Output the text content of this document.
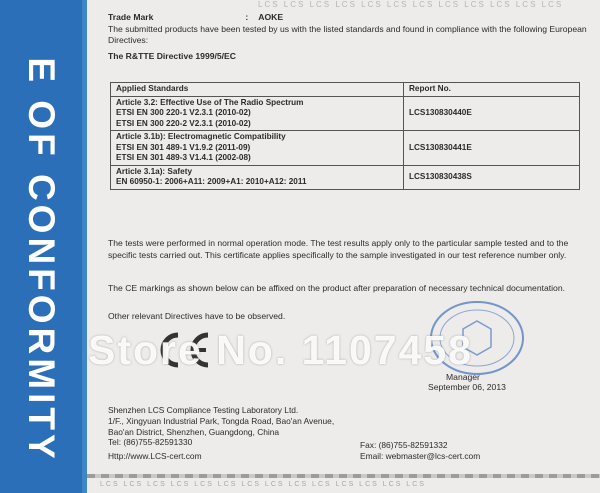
E OF CONFORMITY
LCS LCS LCS LCS LCS LCS LCS LCS LCS LCS LCS LCS
Trade Mark	: AOKE

The submitted products have been tested by us with the listed standards and found in compliance with the following European Directives:

The R&TTE Directive 1999/5/EC
Applied Standards	Report No.

Article 3.2: Effective Use of The Radio Spectrum
ETSI EN 300 220-1 V2.3.1 (2010-02)
ETSI EN 300 220-2 V2.3.1 (2010-02)	LCS130830440E

Article 3.1b): Electromagnetic Compatibility
ETSI EN 301 489-1 V1.9.2 (2011-09)
ETSI EN 301 489-3 V1.4.1 (2002-08)	LCS130830441E

Article 3.1a): Safety
EN 60950-1: 2006+A11: 2009+A1: 2010+A12: 2011	LCS130830438S
The tests were performed in normal operation mode. The test results apply only to the particular sample tested and to the specific tests carried out. This certificate applies specifically to the sample investigated in our test reference number only.
The CE markings as shown below can be affixed on the product after preparation of necessary technical documentation.
Other relevant Directives have to be observed.
Store No. 1107458
Manager
September 06, 2013
Shenzhen LCS Compliance Testing Laboratory Ltd.
1/F., Xingyuan Industrial Park, Tongda Road, Bao'an Avenue,
Bao'an District, Shenzhen, Guangdong, China
Tel: (86)755-82591330	Fax: (86)755-82591332
Http://www.LCS-cert.com	Email: webmaster@lcs-cert.com
LCS LCS LCS LCS LCS LCS LCS LCS LCS LCS LCS LCS LCS LCS
